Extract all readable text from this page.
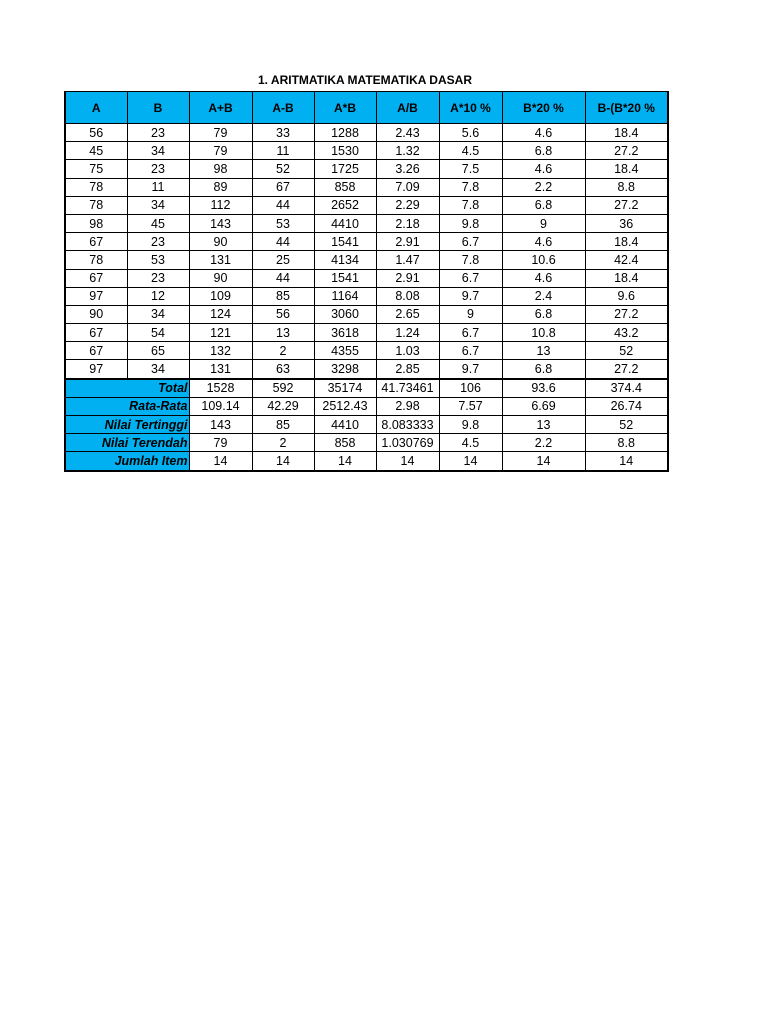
1. ARITMATIKA MATEMATIKA DASAR
A	B	A+B	A-B	A*B	A/B	A*10 %	B*20 %	B-(B*20 %
56	23	79	33	1288	2.43	5.6	4.6	18.4
45	34	79	11	1530	1.32	4.5	6.8	27.2
75	23	98	52	1725	3.26	7.5	4.6	18.4
78	11	89	67	858	7.09	7.8	2.2	8.8
78	34	112	44	2652	2.29	7.8	6.8	27.2
98	45	143	53	4410	2.18	9.8	9	36
67	23	90	44	1541	2.91	6.7	4.6	18.4
78	53	131	25	4134	1.47	7.8	10.6	42.4
67	23	90	44	1541	2.91	6.7	4.6	18.4
97	12	109	85	1164	8.08	9.7	2.4	9.6
90	34	124	56	3060	2.65	9	6.8	27.2
67	54	121	13	3618	1.24	6.7	10.8	43.2
67	65	132	2	4355	1.03	6.7	13	52
97	34	131	63	3298	2.85	9.7	6.8	27.2
Total		1528	592	35174	41.73461	106	93.6	374.4
Rata-Rata		109.14	42.29	2512.43	2.98	7.57	6.69	26.74
Nilai Tertinggi		143	85	4410	8.083333	9.8	13	52
Nilai Terendah		79	2	858	1.030769	4.5	2.2	8.8
Jumlah Item		14	14	14	14	14	14	14
